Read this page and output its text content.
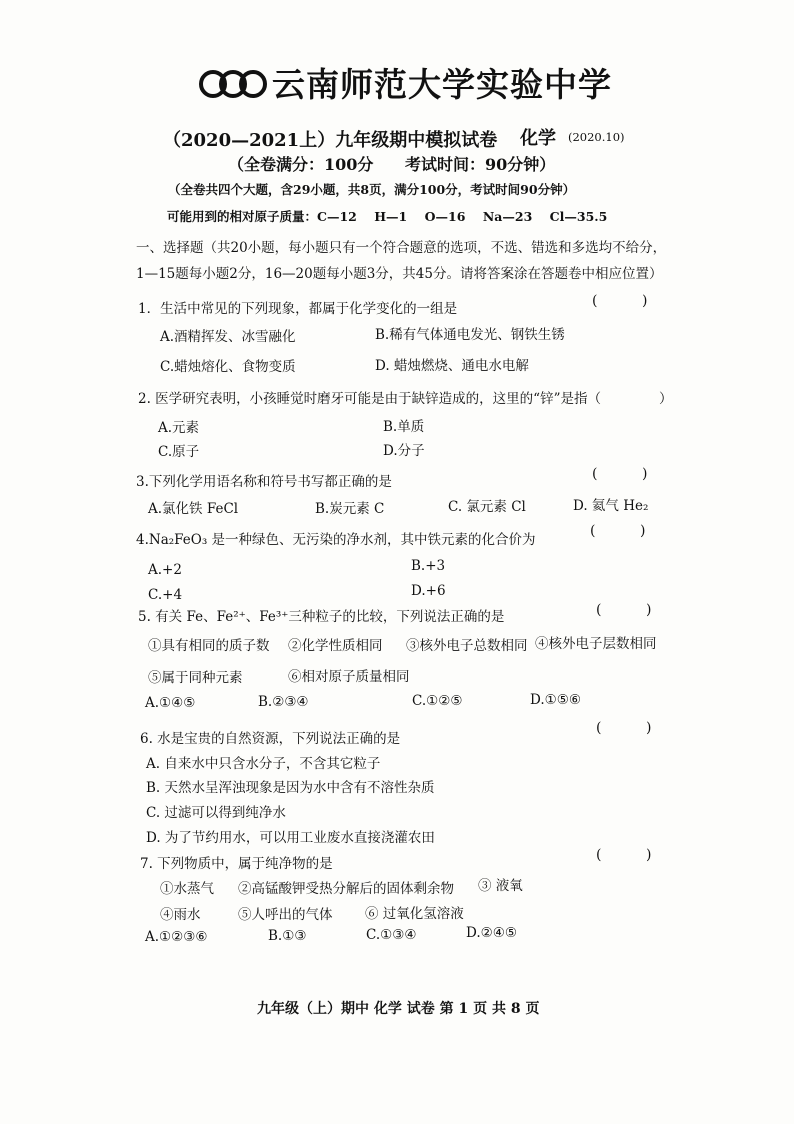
云南师范大学实验中学
（2020—2021上）九年级期中模拟试卷 化学 (2020.10)
（全卷满分：100分 考试时间：90分钟）
（全卷共四个大题，含29小题，共8页，满分100分，考试时间90分钟）
可能用到的相对原子质量：C—12    H—1    O—16    Na—23    Cl—35.5
一、选择题（共20小题，每小题只有一个符合题意的选项，不选、错选和多选均不给分，
1—15题每小题2分，16—20题每小题3分，共45分。请将答案涂在答题卷中相应位置）
1．生活中常见的下列现象，都属于化学变化的一组是	(          )
A.酒精挥发、冰雪融化	B.稀有气体通电发光、钢铁生锈
C.蜡烛熔化、食物变质	D. 蜡烛燃烧、通电水电解
2. 医学研究表明，小孩睡觉时磨牙可能是由于缺锌造成的，这里的“锌”是指（	）
A.元素	B.单质
C.原子	D.分子
3.下列化学用语名称和符号书写都正确的是	(          )
A.氯化铁 FeCl	B.炭元素 C	C. 氯元素 Cl	D. 氦气 He₂
4.Na₂FeO₃ 是一种绿色、无污染的净水剂，其中铁元素的化合价为
(          )
A.+2	B.+3
C.+4	D.+6
5. 有关 Fe、Fe²⁺、Fe³⁺三种粒子的比较，下列说法正确的是	(          )
①具有相同的质子数 ②化学性质相同 ③核外电子总数相同 ④核外电子层数相同
⑤属于同种元素	⑥相对原子质量相同
A.①④⑤	B.②③④	C.①②⑤	D.①⑤⑥
6. 水是宝贵的自然资源，下列说法正确的是
(          )
A. 自来水中只含水分子，不含其它粒子
B. 天然水呈浑浊现象是因为水中含有不溶性杂质
C. 过滤可以得到纯净水
D. 为了节约用水，可以用工业废水直接浇灌农田
7. 下列物质中，属于纯净物的是
(          )
①水蒸气 ②高锰酸钾受热分解后的固体剩余物 ③ 液氧
④雨水	⑤人呼出的气体 ⑥ 过氧化氢溶液
A.①②③⑥	B.①③	C.①③④	D.②④⑤
九年级（上）期中 化学 试卷 第 1 页 共 8 页
